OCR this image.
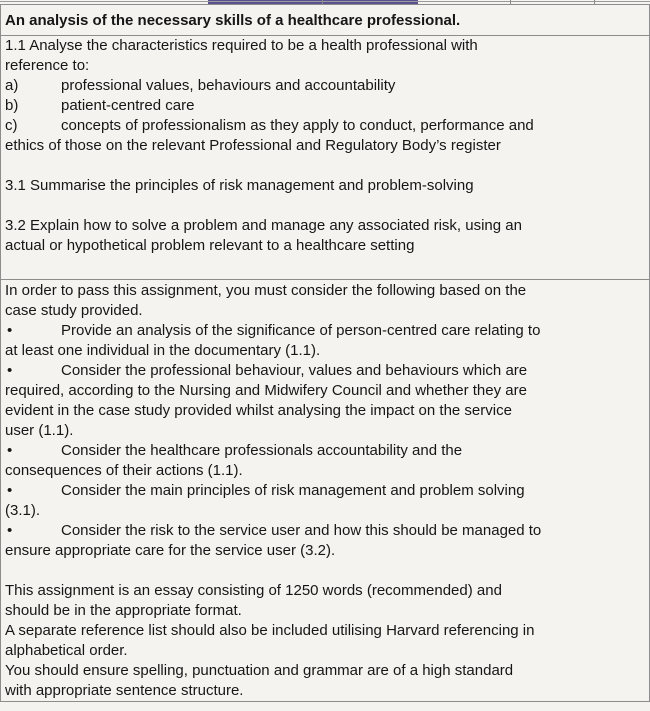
An analysis of the necessary skills of a healthcare professional.

1.1 Analyse the characteristics required to be a health professional with
reference to:
a)	professional values, behaviours and accountability
b)	patient-centred care
c)	concepts of professionalism as they apply to conduct, performance and
ethics of those on the relevant Professional and Regulatory Body’s register
3.1 Summarise the principles of risk management and problem-solving
3.2 Explain how to solve a problem and manage any associated risk, using an
actual or hypothetical problem relevant to a healthcare setting

In order to pass this assignment, you must consider the following based on the
case study provided.
•	Provide an analysis of the significance of person-centred care relating to
at least one individual in the documentary (1.1).
•	Consider the professional behaviour, values and behaviours which are
required, according to the Nursing and Midwifery Council and whether they are
evident in the case study provided whilst analysing the impact on the service
user (1.1).
•	Consider the healthcare professionals accountability and the
consequences of their actions (1.1).
•	Consider the main principles of risk management and problem solving
(3.1).
•	Consider the risk to the service user and how this should be managed to
ensure appropriate care for the service user (3.2).
This assignment is an essay consisting of 1250 words (recommended) and
should be in the appropriate format.
A separate reference list should also be included utilising Harvard referencing in
alphabetical order.
You should ensure spelling, punctuation and grammar are of a high standard
with appropriate sentence structure.
